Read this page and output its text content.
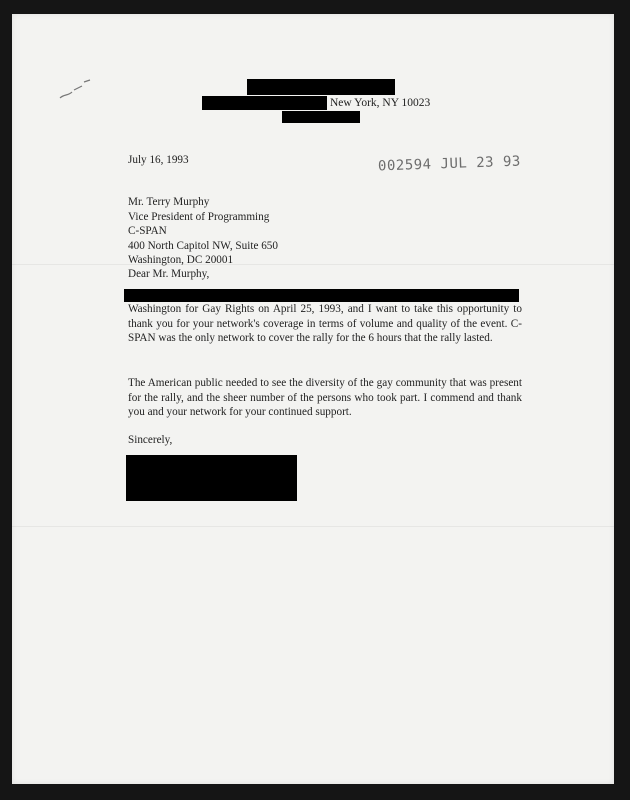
New York, NY 10023
July 16, 1993	002594 JUL 23 93
Mr. Terry Murphy
Vice President of Programming
C-SPAN
400 North Capitol NW, Suite 650
Washington, DC 20001
Dear Mr. Murphy,

Washington for Gay Rights on April 25, 1993, and I want to take this opportunity to thank you for your network's coverage in terms of volume and quality of the event. C-SPAN was the only network to cover the rally for the 6 hours that the rally lasted.

The American public needed to see the diversity of the gay community that was present for the rally, and the sheer number of the persons who took part. I commend and thank you and your network for your continued support.

Sincerely,
